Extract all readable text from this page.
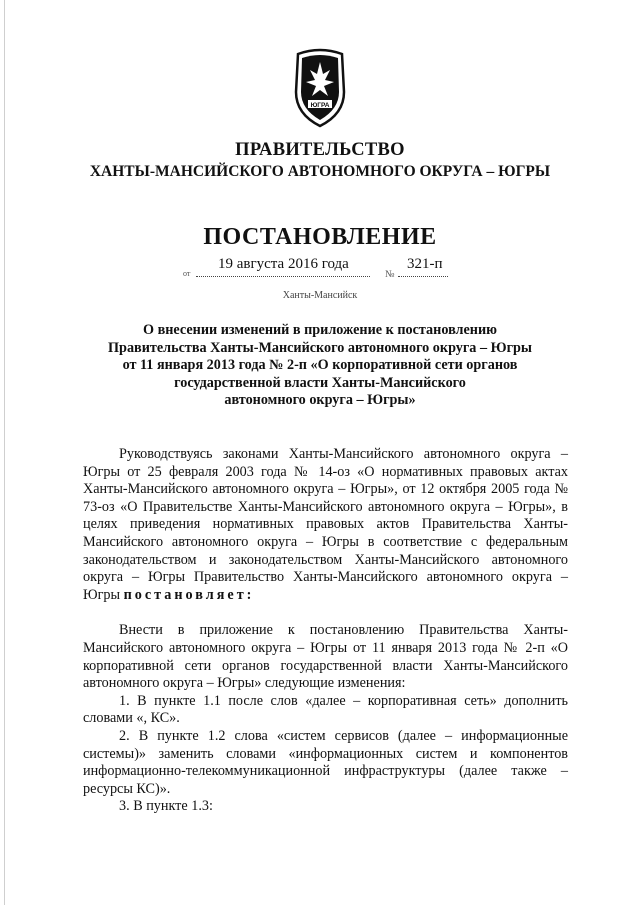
ЮГРА
ПРАВИТЕЛЬСТВО
ХАНТЫ-МАНСИЙСКОГО АВТОНОМНОГО ОКРУГА – ЮГРЫ
ПОСТАНОВЛЕНИЕ
от
19 августа 2016 года
№
321-п
Ханты-Мансийск
О внесении изменений в приложение к постановлению
Правительства Ханты-Мансийского автономного округа – Югры
от 11 января 2013 года № 2-п «О корпоративной сети органов
государственной власти Ханты-Мансийского
автономного округа – Югры»

Руководствуясь законами Ханты-Мансийского автономного округа – Югры от 25 февраля 2003 года № 14-оз «О нормативных правовых актах Ханты-Мансийского автономного округа – Югры», от 12 октября 2005 года № 73-оз «О Правительстве Ханты-Мансийского автономного округа – Югры», в целях приведения нормативных правовых актов Правительства Ханты-Мансийского автономного округа – Югры в соответствие с федеральным законодательством и законодательством Ханты-Мансийского автономного округа – Югры Правительство Ханты-Мансийского автономного округа – Югры постановляет:

Внести в приложение к постановлению Правительства Ханты-Мансийского автономного округа – Югры от 11 января 2013 года № 2-п «О корпоративной сети органов государственной власти Ханты-Мансийского автономного округа – Югры» следующие изменения:

1. В пункте 1.1 после слов «далее – корпоративная сеть» дополнить словами «, КС».

2. В пункте 1.2 слова «систем сервисов (далее – информационные системы)» заменить словами «информационных систем и компонентов информационно-телекоммуникационной инфраструктуры (далее также – ресурсы КС)».

3. В пункте 1.3:
